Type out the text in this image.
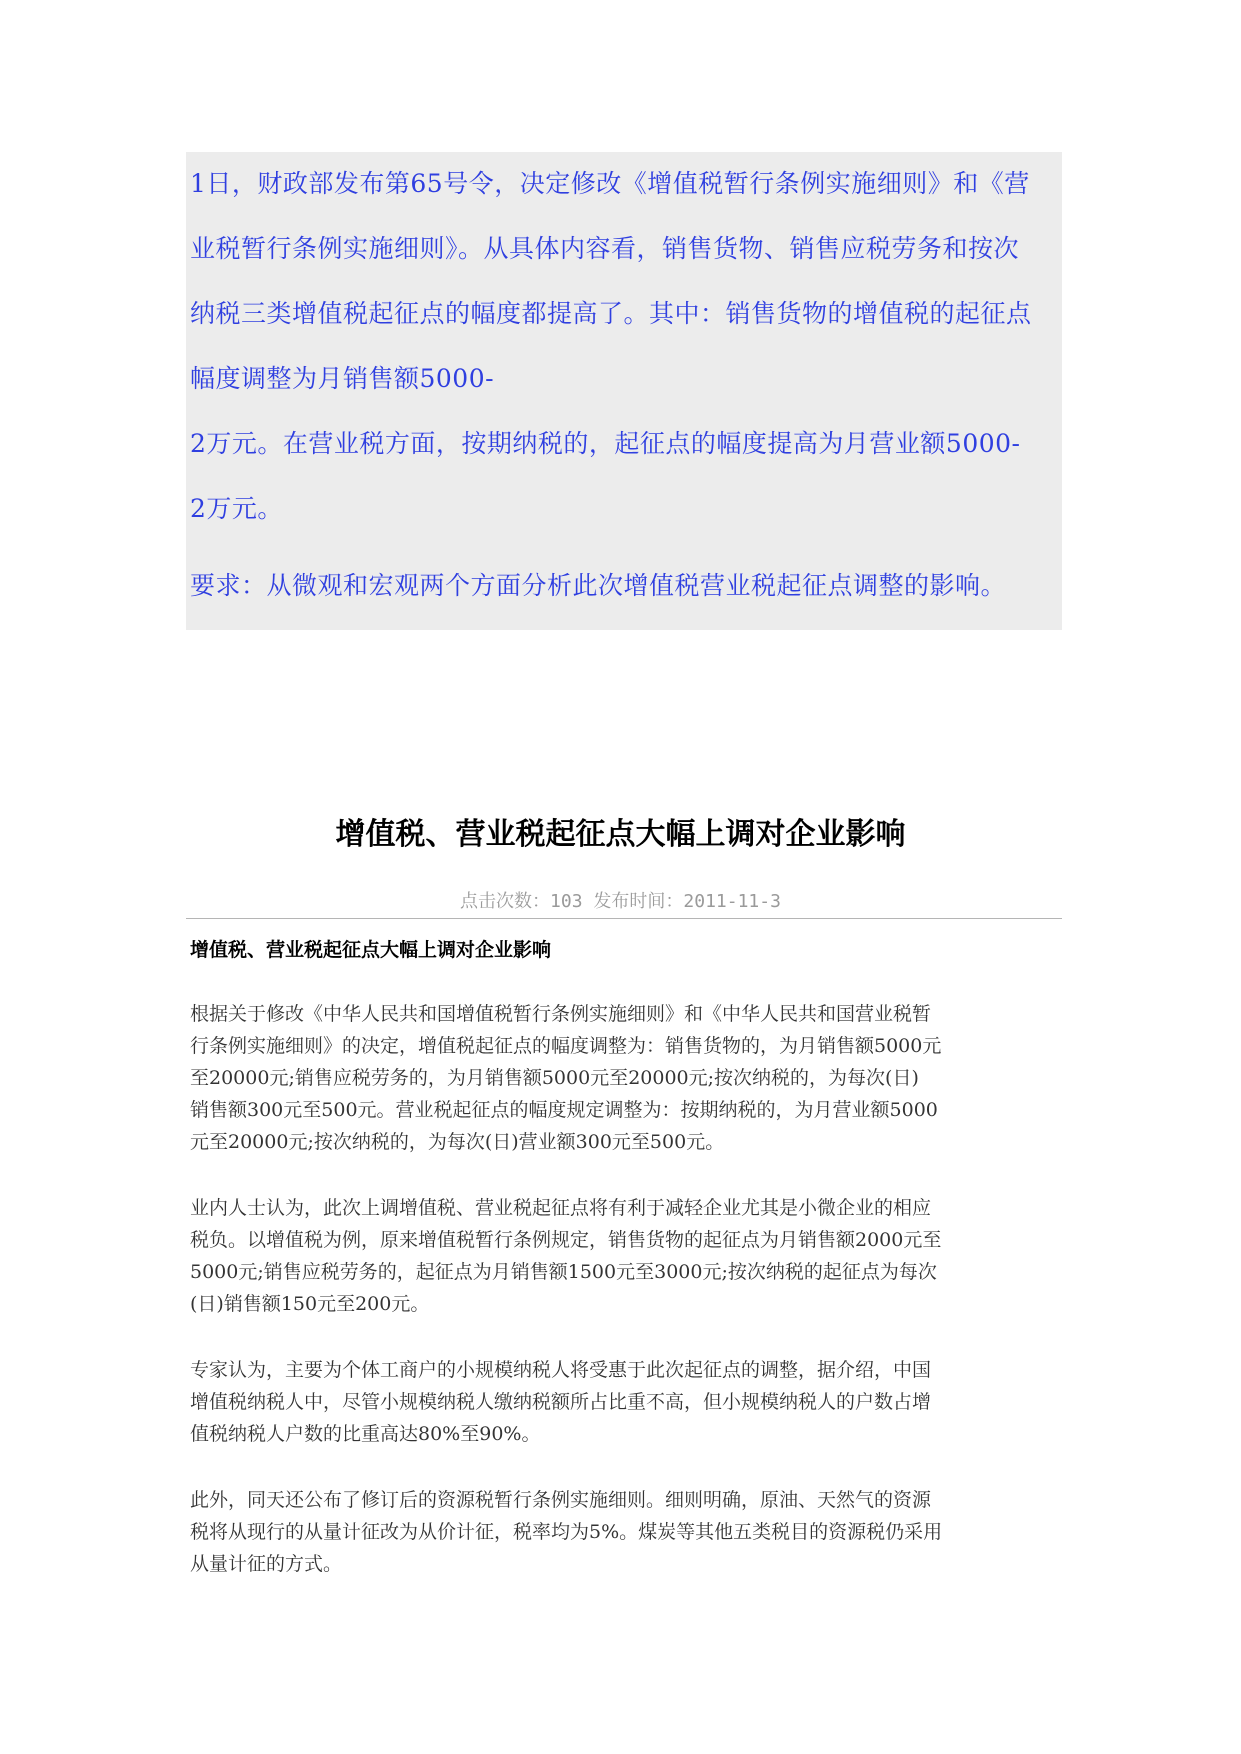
1日，财政部发布第65号令，决定修改《增值税暂行条例实施细则》和《营
业税暂行条例实施细则》。从具体内容看，销售货物、销售应税劳务和按次
纳税三类增值税起征点的幅度都提高了。其中：销售货物的增值税的起征点
幅度调整为月销售额5000-
2万元。在营业税方面，按期纳税的，起征点的幅度提高为月营业额5000-
2万元。
要求：从微观和宏观两个方面分析此次增值税营业税起征点调整的影响。
增值税、营业税起征点大幅上调对企业影响
点击次数：103 发布时间：2011-11-3
增值税、营业税起征点大幅上调对企业影响
根据关于修改《中华人民共和国增值税暂行条例实施细则》和《中华人民共和国营业税暂
行条例实施细则》的决定，增值税起征点的幅度调整为：销售货物的，为月销售额5000元
至20000元;销售应税劳务的，为月销售额5000元至20000元;按次纳税的，为每次(日)
销售额300元至500元。营业税起征点的幅度规定调整为：按期纳税的，为月营业额5000
元至20000元;按次纳税的，为每次(日)营业额300元至500元。
业内人士认为，此次上调增值税、营业税起征点将有利于减轻企业尤其是小微企业的相应
税负。以增值税为例，原来增值税暂行条例规定，销售货物的起征点为月销售额2000元至
5000元;销售应税劳务的，起征点为月销售额1500元至3000元;按次纳税的起征点为每次
(日)销售额150元至200元。
专家认为，主要为个体工商户的小规模纳税人将受惠于此次起征点的调整，据介绍，中国
增值税纳税人中，尽管小规模纳税人缴纳税额所占比重不高，但小规模纳税人的户数占增
值税纳税人户数的比重高达80%至90%。
此外，同天还公布了修订后的资源税暂行条例实施细则。细则明确，原油、天然气的资源
税将从现行的从量计征改为从价计征，税率均为5%。煤炭等其他五类税目的资源税仍采用
从量计征的方式。
